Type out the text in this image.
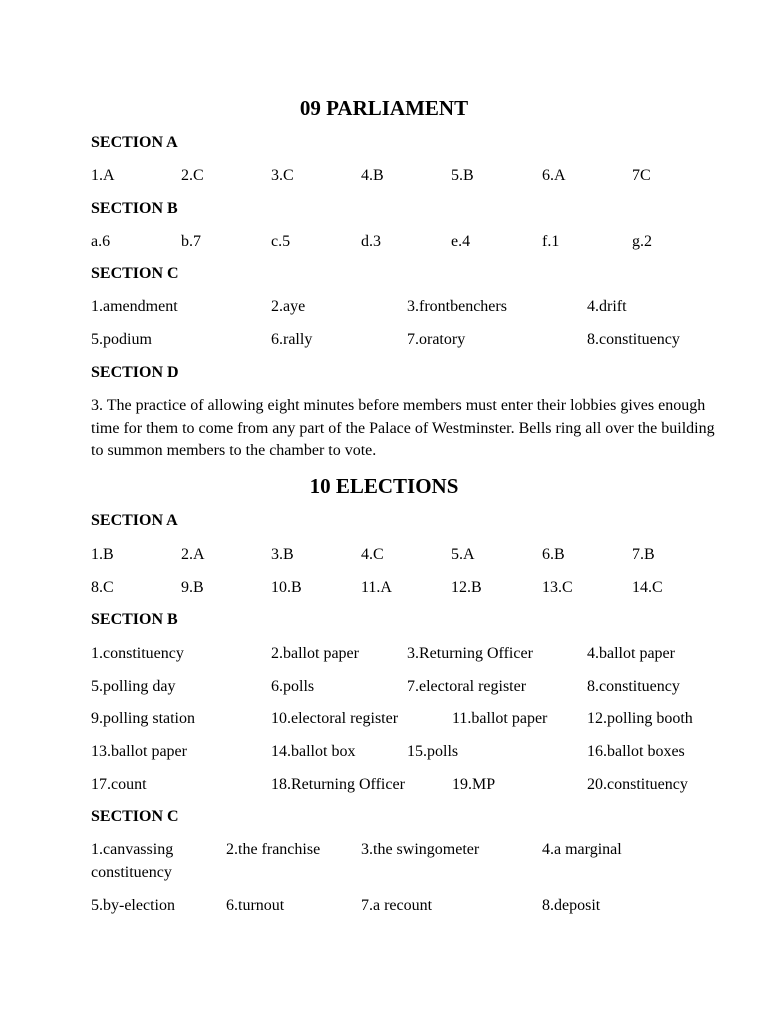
09 PARLIAMENT
SECTION A
1.A	2.C	3.C	4.B	5.B	6.A	7C
SECTION B
a.6	b.7	c.5	d.3	e.4	f.1	g.2
SECTION C
1.amendment	2.aye	3.frontbenchers	4.drift
5.podium	6.rally	7.oratory	8.constituency
SECTION D
3. The practice of allowing eight minutes before members must enter their lobbies gives enough time for them to come from any part of the Palace of Westminster. Bells ring all over the building to summon members to the chamber to vote.
10 ELECTIONS
SECTION A
1.B	2.A	3.B	4.C	5.A	6.B	7.B
8.C	9.B	10.B	11.A	12.B	13.C	14.C
SECTION B
1.constituency	2.ballot paper	3.Returning Officer	4.ballot paper
5.polling day	6.polls	7.electoral register	8.constituency
9.polling station	10.electoral register	11.ballot paper 12.polling booth
13.ballot paper	14.ballot box	15.polls	16.ballot boxes
17.count	18.Returning Officer	19.MP	20.constituency
SECTION C
1.canvassing	2.the franchise	3.the swingometer	4.a marginal
constituency
5.by-election	6.turnout	7.a recount	8.deposit
